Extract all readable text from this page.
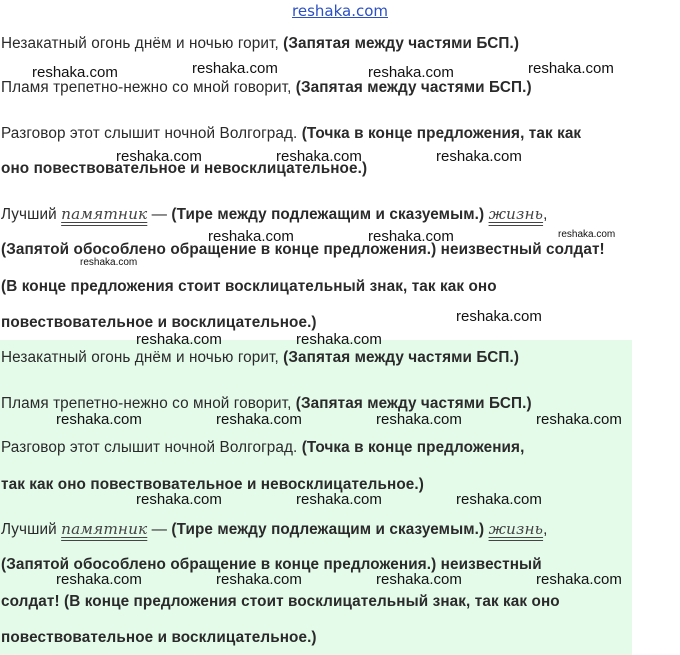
reshaka.com
Незакатный огонь днём и ночью горит, (Запятая между частями БСП.)
Пламя трепетно-нежно со мной говорит, (Запятая между частями БСП.)
Разговор этот слышит ночной Волгоград. (Точка в конце предложения, так как
оно повествовательное и невосклицательное.)
Лучший памятник — (Тире между подлежащим и сказуемым.) жизнь,
(Запятой обособлено обращение в конце предложения.) неизвестный солдат!
(В конце предложения стоит восклицательный знак, так как оно
повествовательное и восклицательное.)
Незакатный огонь днём и ночью горит, (Запятая между частями БСП.)
Пламя трепетно-нежно со мной говорит, (Запятая между частями БСП.)
Разговор этот слышит ночной Волгоград. (Точка в конце предложения,
так как оно повествовательное и невосклицательное.)
Лучший памятник — (Тире между подлежащим и сказуемым.) жизнь,
(Запятой обособлено обращение в конце предложения.) неизвестный
солдат! (В конце предложения стоит восклицательный знак, так как оно
повествовательное и восклицательное.)
reshaka.com	reshaka.com	reshaka.com	reshaka.com
reshaka.com	reshaka.com	reshaka.com
reshaka.com	reshaka.com	reshaka.com
reshaka.com
reshaka.com
reshaka.com	reshaka.com
reshaka.com	reshaka.com	reshaka.com	reshaka.com
reshaka.com	reshaka.com	reshaka.com
reshaka.com	reshaka.com	reshaka.com	reshaka.com
